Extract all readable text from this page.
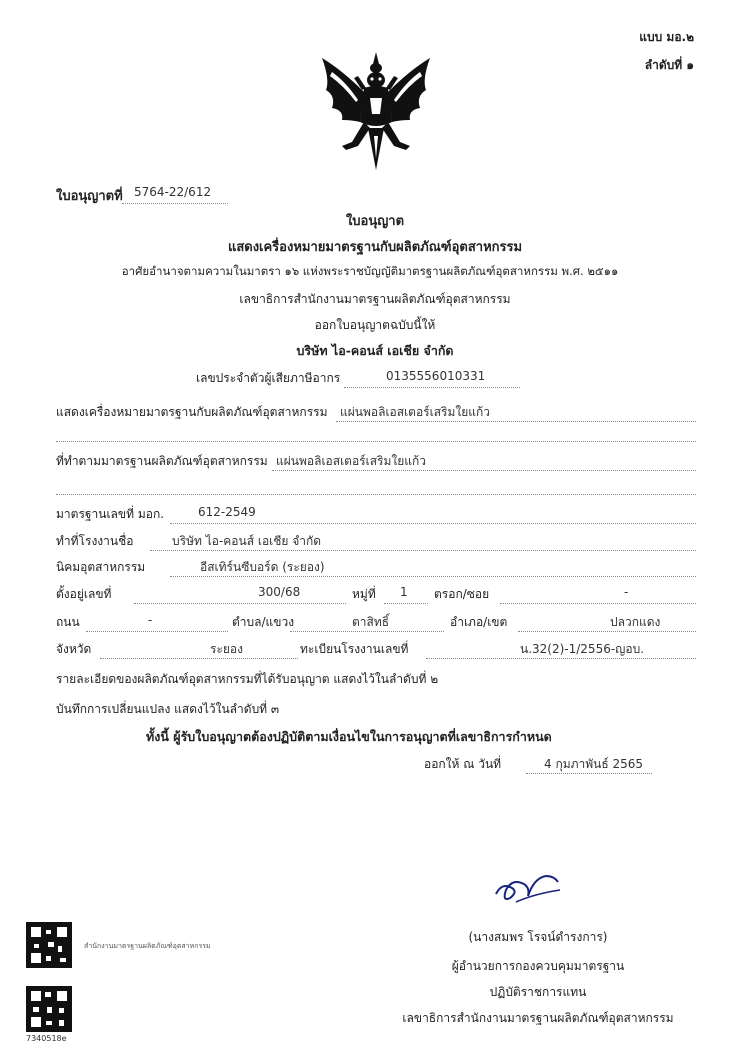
แบบ มอ.๒
ลำดับที่ ๑
ใบอนุญาตที่ 5764-22/612
ใบอนุญาต
แสดงเครื่องหมายมาตรฐานกับผลิตภัณฑ์อุตสาหกรรม
อาศัยอำนาจตามความในมาตรา ๑๖ แห่งพระราชบัญญัติมาตรฐานผลิตภัณฑ์อุตสาหกรรม พ.ศ. ๒๕๑๑
เลขาธิการสำนักงานมาตรฐานผลิตภัณฑ์อุตสาหกรรม
ออกใบอนุญาตฉบับนี้ให้
บริษัท ไอ-คอนส์ เอเชีย จำกัด
เลขประจำตัวผู้เสียภาษีอากร	0135556010331
แสดงเครื่องหมายมาตรฐานกับผลิตภัณฑ์อุตสาหกรรม แผ่นพอลิเอสเตอร์เสริมใยแก้ว
ที่ทำตามมาตรฐานผลิตภัณฑ์อุตสาหกรรม แผ่นพอลิเอสเตอร์เสริมใยแก้ว
มาตรฐานเลขที่ มอก.	612-2549
ทำที่โรงงานชื่อ	บริษัท ไอ-คอนส์ เอเชีย จำกัด
นิคมอุตสาหกรรม	อีสเทิร์นซีบอร์ด (ระยอง)
ตั้งอยู่เลขที่	300/68	หมู่ที่ 1 ตรอก/ซอย	-
ถนน	-	ตำบล/แขวง	ตาสิทธิ์	อำเภอ/เขต	ปลวกแดง
จังหวัด	ระยอง	ทะเบียนโรงงานเลขที่	น.32(2)-1/2556-ญอบ.
รายละเอียดของผลิตภัณฑ์อุตสาหกรรมที่ได้รับอนุญาต แสดงไว้ในลำดับที่ ๒
บันทึกการเปลี่ยนแปลง แสดงไว้ในลำดับที่ ๓
ทั้งนี้ ผู้รับใบอนุญาตต้องปฏิบัติตามเงื่อนไขในการอนุญาตที่เลขาธิการกำหนด
ออกให้ ณ วันที่	4 กุมภาพันธ์ 2565
(นางสมพร โรจน์ดำรงการ)
ผู้อำนวยการกองควบคุมมาตรฐาน
ปฏิบัติราชการแทน
เลขาธิการสำนักงานมาตรฐานผลิตภัณฑ์อุตสาหกรรม
สำนักงานมาตรฐานผลิตภัณฑ์อุตสาหกรรม
7340518e
